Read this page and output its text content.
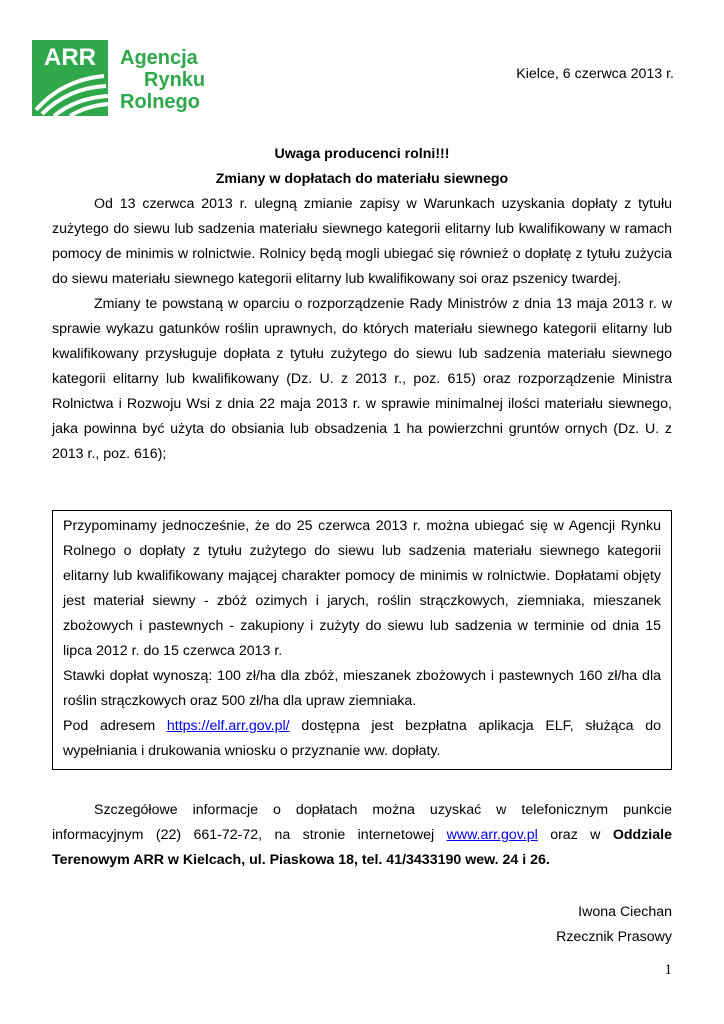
ARR Agencja
Rynku
Rolnego
Kielce, 6 czerwca 2013 r.
Uwaga producenci rolni!!!
Zmiany w dopłatach do materiału siewnego

Od 13 czerwca 2013 r. ulegną zmianie zapisy w Warunkach uzyskania dopłaty z tytułu zużytego do siewu lub sadzenia materiału siewnego kategorii elitarny lub kwalifikowany w ramach pomocy de minimis w rolnictwie. Rolnicy będą mogli ubiegać się również o dopłatę z tytułu zużycia do siewu materiału siewnego kategorii elitarny lub kwalifikowany soi oraz pszenicy twardej.

Zmiany te powstaną w oparciu o rozporządzenie Rady Ministrów z dnia 13 maja 2013 r. w sprawie wykazu gatunków roślin uprawnych, do których materiału siewnego kategorii elitarny lub kwalifikowany przysługuje dopłata z tytułu zużytego do siewu lub sadzenia materiału siewnego kategorii elitarny lub kwalifikowany (Dz. U. z 2013 r., poz. 615) oraz rozporządzenie Ministra Rolnictwa i Rozwoju Wsi z dnia 22 maja 2013 r. w sprawie minimalnej ilości materiału siewnego, jaka powinna być użyta do obsiania lub obsadzenia 1 ha powierzchni gruntów ornych (Dz. U. z 2013 r., poz. 616);

Przypominamy jednocześnie, że do 25 czerwca 2013 r. można ubiegać się w Agencji Rynku Rolnego o dopłaty z tytułu zużytego do siewu lub sadzenia materiału siewnego kategorii elitarny lub kwalifikowany mającej charakter pomocy de minimis w rolnictwie. Dopłatami objęty jest materiał siewny - zbóż ozimych i jarych, roślin strączkowych, ziemniaka, mieszanek zbożowych i pastewnych - zakupiony i zużyty do siewu lub sadzenia w terminie od dnia 15 lipca 2012 r. do 15 czerwca 2013 r.

Stawki dopłat wynoszą: 100 zł/ha dla zbóż, mieszanek zbożowych i pastewnych 160 zł/ha dla roślin strączkowych oraz 500 zł/ha dla upraw ziemniaka.

Pod adresem https://elf.arr.gov.pl/ dostępna jest bezpłatna aplikacja ELF, służąca do wypełniania i drukowania wniosku o przyznanie ww. dopłaty.

Szczegółowe informacje o dopłatach można uzyskać w telefonicznym punkcie informacyjnym (22) 661-72-72, na stronie internetowej www.arr.gov.pl oraz w Oddziale Terenowym ARR w Kielcach, ul. Piaskowa 18, tel. 41/3433190 wew. 24 i 26.

Iwona Ciechan
Rzecznik Prasowy
1
